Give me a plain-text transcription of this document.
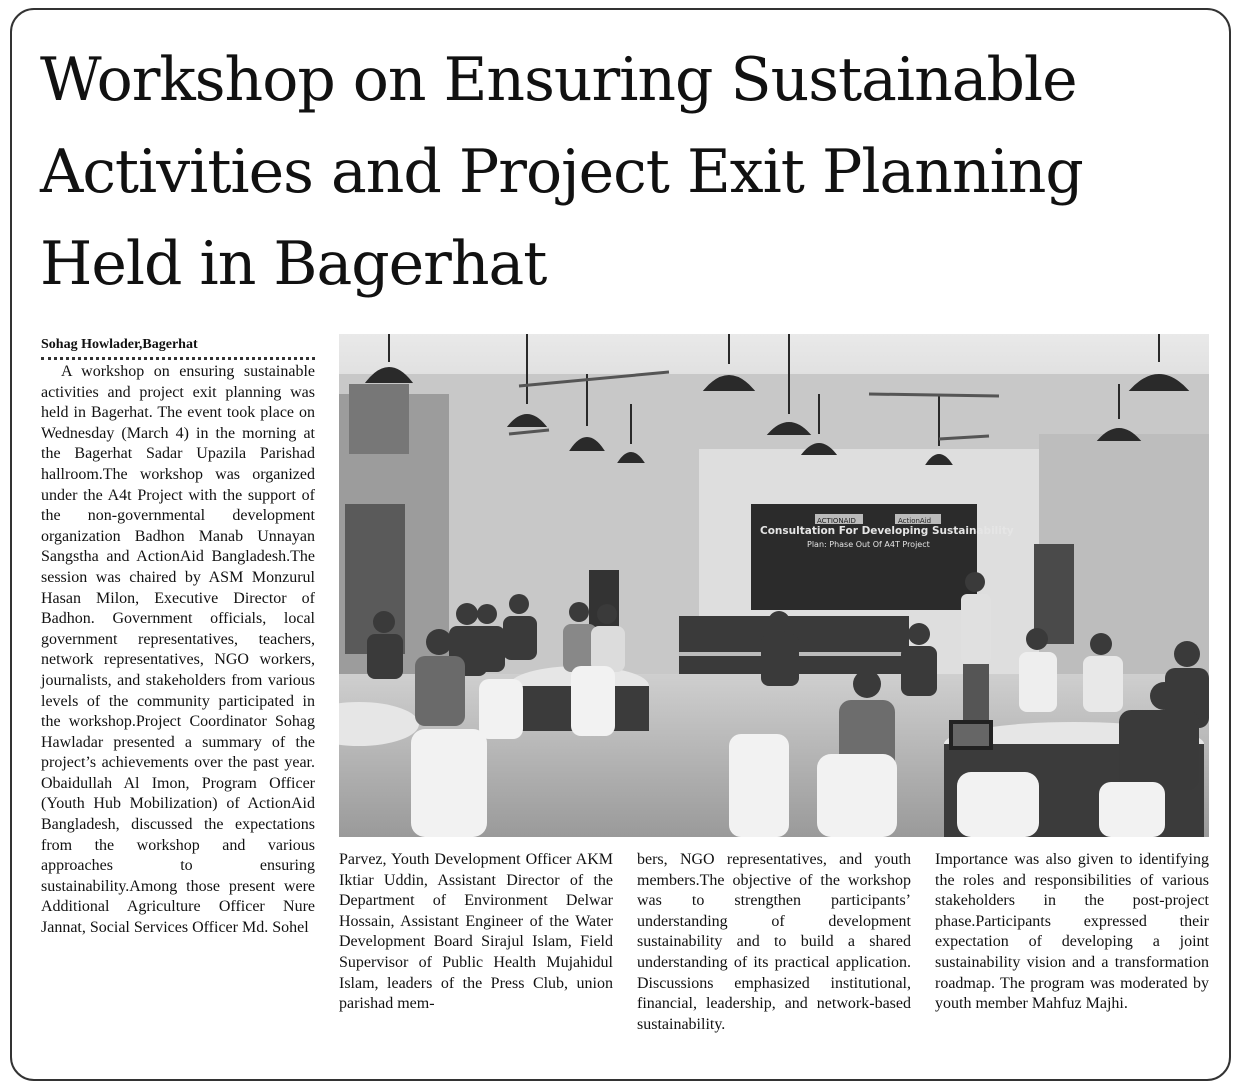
Workshop on Ensuring Sustainable
Activities and Project Exit Planning
Held in Bagerhat
Sohag Howlader,Bagerhat

A workshop on ensuring sustainable activities and project exit planning was held in Bagerhat. The event took place on Wednesday (March 4) in the morning at the Bagerhat Sadar Upazila Parishad hallroom.The workshop was organized under the A4t Project with the support of the non-governmental development organization Badhon Manab Unnayan Sangstha and ActionAid Bangladesh.The session was chaired by ASM Monzurul Hasan Milon, Executive Director of Badhon. Government officials, local government representatives, teachers, network representatives, NGO workers, journalists, and stakeholders from various levels of the community participated in the workshop.Project Coordinator Sohag Hawladar presented a summary of the project’s achievements over the past year. Obaidullah Al Imon, Program Officer (Youth Hub Mobilization) of ActionAid Bangladesh, discussed the expectations from the workshop and various approaches to ensuring sustainability.Among those present were Additional Agriculture Officer Nure Jannat, Social Services Officer Md. Sohel

Consultation For Developing Sustainability
Plan: Phase Out Of A4T Project
ACTIONAID	ActionAid

Parvez, Youth Development Officer AKM Iktiar Uddin, Assistant Director of the Department of Environment Delwar Hossain, Assistant Engineer of the Water Development Board Sirajul Islam, Field Supervisor of Public Health Mujahidul Islam, leaders of the Press Club, union parishad mem-

bers, NGO representatives, and youth members.The objective of the workshop was to strengthen participants’ understanding of development sustainability and to build a shared understanding of its practical application. Discussions emphasized institutional, financial, leadership, and network-based sustainability.

Importance was also given to identifying the roles and responsibilities of various stakeholders in the post-project phase.Participants expressed their expectation of developing a joint sustainability vision and a transformation roadmap. The program was moderated by youth member Mahfuz Majhi.
